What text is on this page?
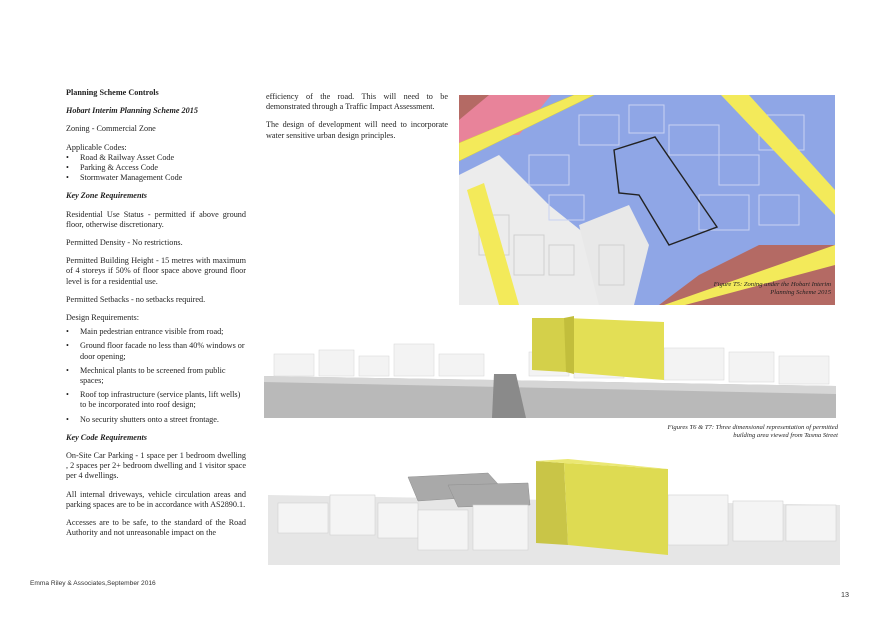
Planning Scheme Controls
Hobart Interim Planning Scheme 2015

Zoning - Commercial Zone

Applicable Codes:
• Road & Railway Asset Code
• Parking & Access Code
• Stormwater Management Code
Key Zone Requirements

Residential Use Status - permitted if above ground floor, otherwise discretionary.

Permitted Density - No restrictions.

Permitted Building Height - 15 metres with maximum of 4 storeys if 50% of floor space above ground floor level is for a residential use.

Permitted Setbacks - no setbacks required.

Design Requirements:
• Main pedestrian entrance visible from road;
• Ground floor facade no less than 40% windows or door opening;
• Mechnical plants to be screened from public spaces;
• Roof top infrastructure (service plants, lift wells) to be incorporated into roof design;
• No security shutters onto a street frontage.
Key Code Requirements

On-Site Car Parking - 1 space per 1 bedroom dwelling , 2 spaces per 2+ bedroom dwelling and 1 visitor space per 4 dwellings.

All internal driveways, vehicle circulation areas and parking spaces are to be in accordance with AS2890.1.

Accesses are to be safe, to the standard of the Road Authority and not unreasonable impact on the

efficiency of the road. This will need to be demonstrated through a Traffic Impact Assessment.

The design of development will need to incorporate water sensitive urban design principles.

Figure T5: Zoning under the Hobart Interim
Planning Scheme 2015
Figures T6 & T7: Three dimensional representation of permitted
building area viewed from Tasma Street
Emma Riley & Associates,September 2016
13
